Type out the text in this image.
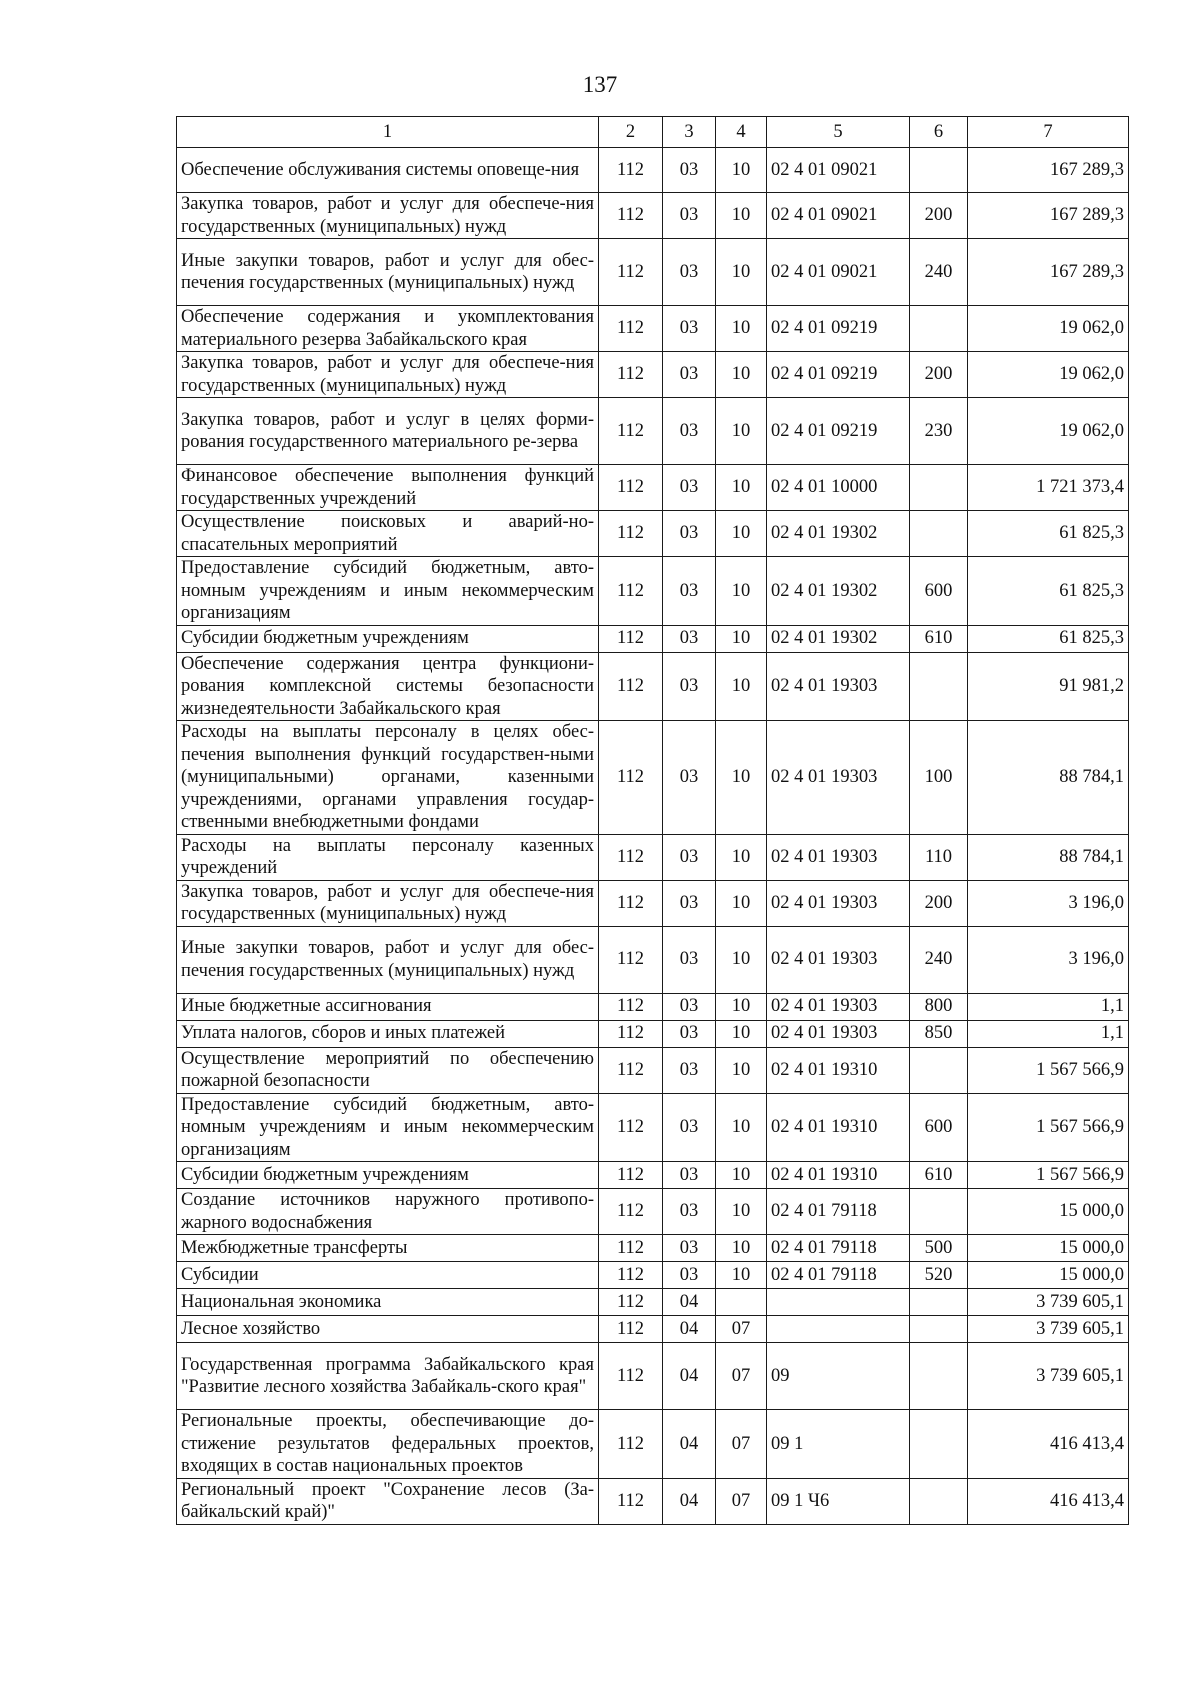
137
1	2	3	4	5	6	7
Обеспечение обслуживания системы оповеще-ния	112	03	10	02 4 01 09021		167 289,3
Закупка товаров, работ и услуг для обеспече-ния государственных (муниципальных) нужд	112	03	10	02 4 01 09021	200	167 289,3
Иные закупки товаров, работ и услуг для обес-печения государственных (муниципальных) нужд	112	03	10	02 4 01 09021	240	167 289,3
Обеспечение содержания и укомплектования материального резерва Забайкальского края	112	03	10	02 4 01 09219		19 062,0
Закупка товаров, работ и услуг для обеспече-ния государственных (муниципальных) нужд	112	03	10	02 4 01 09219	200	19 062,0
Закупка товаров, работ и услуг в целях форми-рования государственного материального ре-зерва	112	03	10	02 4 01 09219	230	19 062,0
Финансовое обеспечение выполнения функций государственных учреждений	112	03	10	02 4 01 10000		1 721 373,4
Осуществление поисковых и аварий-но-спасательных мероприятий	112	03	10	02 4 01 19302		61 825,3
Предоставление субсидий бюджетным, авто-номным учреждениям и иным некоммерческим организациям	112	03	10	02 4 01 19302	600	61 825,3
Субсидии бюджетным учреждениям	112	03	10	02 4 01 19302	610	61 825,3
Обеспечение содержания центра функциони-рования комплексной системы безопасности жизнедеятельности Забайкальского края	112	03	10	02 4 01 19303		91 981,2
Расходы на выплаты персоналу в целях обес-печения выполнения функций государствен-ными (муниципальными) органами, казенными учреждениями, органами управления государ-ственными внебюджетными фондами	112	03	10	02 4 01 19303	100	88 784,1
Расходы на выплаты персоналу казенных учреждений	112	03	10	02 4 01 19303	110	88 784,1
Закупка товаров, работ и услуг для обеспече-ния государственных (муниципальных) нужд	112	03	10	02 4 01 19303	200	3 196,0
Иные закупки товаров, работ и услуг для обес-печения государственных (муниципальных) нужд	112	03	10	02 4 01 19303	240	3 196,0
Иные бюджетные ассигнования	112	03	10	02 4 01 19303	800	1,1
Уплата налогов, сборов и иных платежей	112	03	10	02 4 01 19303	850	1,1
Осуществление мероприятий по обеспечению пожарной безопасности	112	03	10	02 4 01 19310		1 567 566,9
Предоставление субсидий бюджетным, авто-номным учреждениям и иным некоммерческим организациям	112	03	10	02 4 01 19310	600	1 567 566,9
Субсидии бюджетным учреждениям	112	03	10	02 4 01 19310	610	1 567 566,9
Создание источников наружного противопо-жарного водоснабжения	112	03	10	02 4 01 79118		15 000,0
Межбюджетные трансферты	112	03	10	02 4 01 79118	500	15 000,0
Субсидии	112	03	10	02 4 01 79118	520	15 000,0
Национальная экономика	112	04				3 739 605,1
Лесное хозяйство	112	04	07			3 739 605,1
Государственная программа Забайкальского края "Развитие лесного хозяйства Забайкаль-ского края"	112	04	07	09		3 739 605,1
Региональные проекты, обеспечивающие до-стижение результатов федеральных проектов, входящих в состав национальных проектов	112	04	07	09 1		416 413,4
Региональный проект "Сохранение лесов (За-байкальский край)"	112	04	07	09 1 Ч6		416 413,4
